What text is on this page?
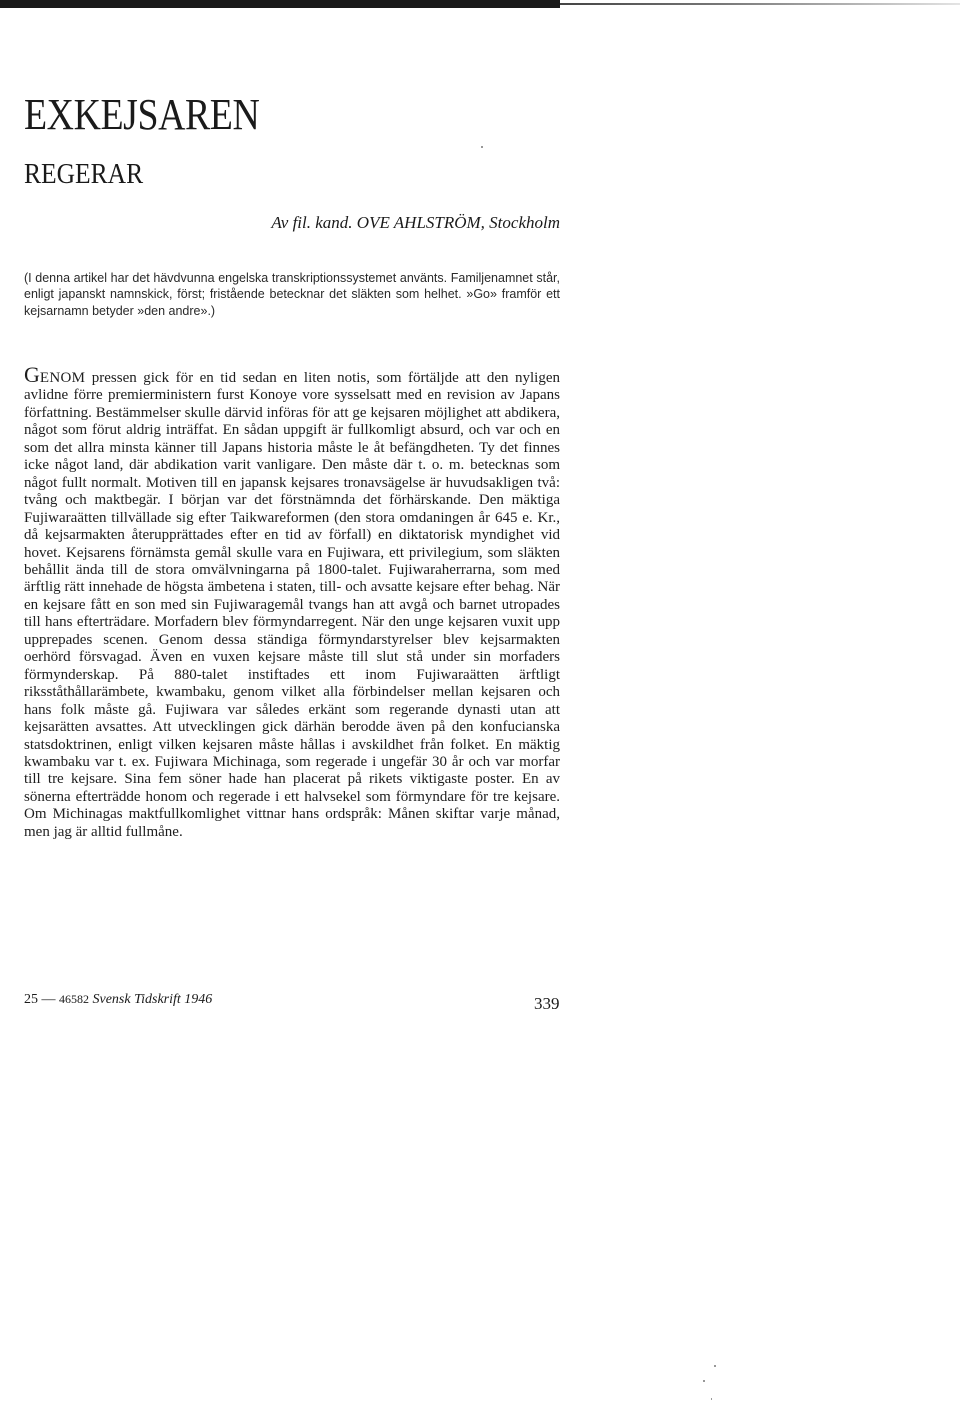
EXKEJSAREN
REGERAR
Av fil. kand. OVE AHLSTRÖM, Stockholm

(I denna artikel har det hävdvunna engelska transkriptionssystemet använts. Familjenamnet står, enligt japanskt namnskick, först; fristående betecknar det släkten som helhet. »Go» framför ett kejsarnamn betyder »den andre».)

GENOM pressen gick för en tid sedan en liten notis, som förtäljde att den nyligen avlidne förre premierministern furst Konoye vore sysselsatt med en revision av Japans författning. Bestämmelser skulle därvid införas för att ge kejsaren möjlighet att abdikera, något som förut aldrig inträffat. En sådan uppgift är fullkomligt absurd, och var och en som det allra minsta känner till Japans historia måste le åt befängdheten. Ty det finnes icke något land, där abdikation varit vanligare. Den måste där t. o. m. betecknas som något fullt normalt. Motiven till en japansk kejsares tronavsägelse är huvudsakligen två: tvång och maktbegär. I början var det förstnämnda det förhärskande. Den mäktiga Fujiwaraätten tillvällade sig efter Taikwareformen (den stora omdaningen år 645 e. Kr., då kejsarmakten återupprättades efter en tid av förfall) en diktatorisk myndighet vid hovet. Kejsarens förnämsta gemål skulle vara en Fujiwara, ett privilegium, som släkten behållit ända till de stora omvälvningarna på 1800-talet. Fujiwaraherrarna, som med ärftlig rätt innehade de högsta ämbetena i staten, till- och avsatte kejsare efter behag. När en kejsare fått en son med sin Fujiwaragemål tvangs han att avgå och barnet utropades till hans efterträdare. Morfadern blev förmyndarregent. När den unge kejsaren vuxit upp upprepades scenen. Genom dessa ständiga förmyndarstyrelser blev kejsarmakten oerhörd försvagad. Även en vuxen kejsare måste till slut stå under sin morfaders förmynderskap. På 880-talet instiftades ett inom Fujiwaraätten ärftligt riksståthållarämbete, kwambaku, genom vilket alla förbindelser mellan kejsaren och hans folk måste gå. Fujiwara var således erkänt som regerande dynasti utan att kejsarätten avsattes. Att utvecklingen gick därhän berodde även på den konfucianska statsdoktrinen, enligt vilken kejsaren måste hållas i avskildhet från folket. En mäktig kwambaku var t. ex. Fujiwara Michinaga, som regerade i ungefär 30 år och var morfar till tre kejsare. Sina fem söner hade han placerat på rikets viktigaste poster. En av sönerna efterträdde honom och regerade i ett halvsekel som förmyndare för tre kejsare. Om Michinagas maktfullkomlighet vittnar hans ordspråk: Månen skiftar varje månad, men jag är alltid fullmåne.

25 — 46582 Svensk Tidskrift 1946	339
